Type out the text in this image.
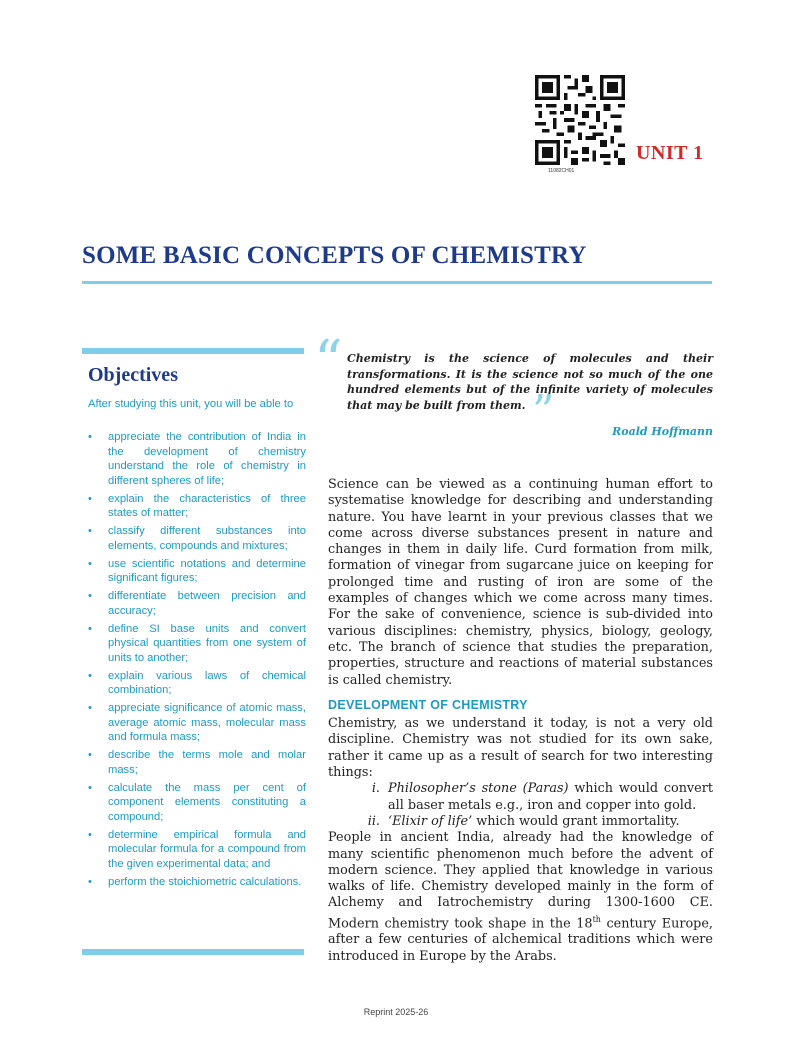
11082CH01
UNIT 1
SOME BASIC CONCEPTS OF CHEMISTRY
Objectives
After studying this unit, you will be able to
• appreciate the contribution of India in the development of chemistry understand the role of chemistry in different spheres of life;
• explain the characteristics of three states of matter;
• classify different substances into elements, compounds and mixtures;
• use scientific notations and determine significant figures;
• differentiate between precision and accuracy;
• define SI base units and convert physical quantities from one system of units to another;
• explain various laws of chemical combination;
• appreciate significance of atomic mass, average atomic mass, molecular mass and formula mass;
• describe the terms mole and molar mass;
• calculate the mass per cent of component elements constituting a compound;
• determine empirical formula and molecular formula for a compound from the given experimental data; and
• perform the stoichiometric calculations.
“ Chemistry is the science of molecules and their transformations. It is the science not so much of the one hundred elements but of the infinite variety of molecules that may be built from them. ”	Roald Hoffmann

Science can be viewed as a continuing human effort to systematise knowledge for describing and understanding nature. You have learnt in your previous classes that we come across diverse substances present in nature and changes in them in daily life. Curd formation from milk, formation of vinegar from sugarcane juice on keeping for prolonged time and rusting of iron are some of the examples of changes which we come across many times. For the sake of convenience, science is sub-divided into various disciplines: chemistry, physics, biology, geology, etc. The branch of science that studies the preparation, properties, structure and reactions of material substances is called chemistry.

DEVELOPMENT OF CHEMISTRY

Chemistry, as we understand it today, is not a very old discipline. Chemistry was not studied for its own sake, rather it came up as a result of search for two interesting things:

i. Philosopher’s stone (Paras) which would convert all baser metals e.g., iron and copper into gold.
ii. ‘Elixir of life’ which would grant immortality.

People in ancient India, already had the knowledge of many scientific phenomenon much before the advent of modern science. They applied that knowledge in various walks of life. Chemistry developed mainly in the form of Alchemy and Iatrochemistry during 1300-1600 CE. Modern chemistry took shape in the 18th century Europe, after a few centuries of alchemical traditions which were introduced in Europe by the Arabs.

Reprint 2025-26
